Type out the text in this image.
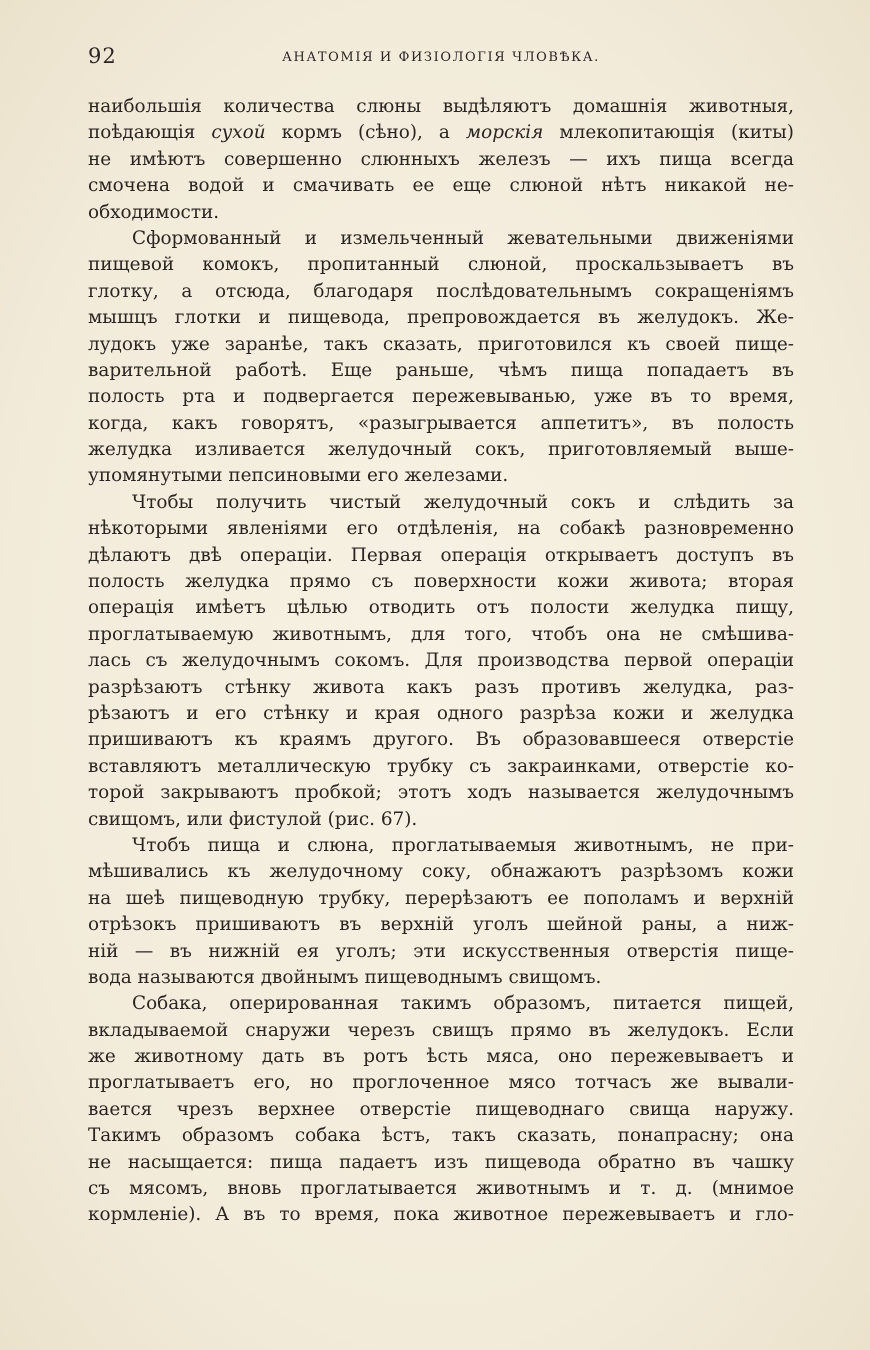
92	АНАТОМІЯ И ФИЗІОЛОГІЯ ЧЛОВѢКА.
наибольшія количества слюны выдѣляютъ домашнія животныя,
поѣдающія сухой кормъ (сѣно), а морскія млекопитающія (киты)
не имѣютъ совершенно слюнныхъ железъ — ихъ пища всегда
смочена водой и смачивать ее еще слюной нѣтъ никакой не-
обходимости.
Сформованный и измельченный жевательными движеніями
пищевой комокъ, пропитанный слюной, проскальзываетъ въ
глотку, а отсюда, благодаря послѣдовательнымъ сокращеніямъ
мышцъ глотки и пищевода, препровождается въ желудокъ. Же-
лудокъ уже заранѣе, такъ сказать, приготовился къ своей пище-
варительной работѣ. Еще раньше, чѣмъ пища попадаетъ въ
полость рта и подвергается пережевыванью, уже въ то время,
когда, какъ говорятъ, «разыгрывается аппетитъ», въ полость
желудка изливается желудочный сокъ, приготовляемый выше-
упомянутыми пепсиновыми его железами.
Чтобы получить чистый желудочный сокъ и слѣдить за
нѣкоторыми явленіями его отдѣленія, на собакѣ разновременно
дѣлаютъ двѣ операціи. Первая операція открываетъ доступъ въ
полость желудка прямо съ поверхности кожи живота; вторая
операція имѣетъ цѣлью отводить отъ полости желудка пищу,
проглатываемую животнымъ, для того, чтобъ она не смѣшива-
лась съ желудочнымъ сокомъ. Для производства первой операціи
разрѣзаютъ стѣнку живота какъ разъ противъ желудка, раз-
рѣзаютъ и его стѣнку и края одного разрѣза кожи и желудка
пришиваютъ къ краямъ другого. Въ образовавшееся отверстіе
вставляютъ металлическую трубку съ закраинками, отверстіе ко-
торой закрываютъ пробкой; этотъ ходъ называется желудочнымъ
свищомъ, или фистулой (рис. 67).
Чтобъ пища и слюна, проглатываемыя животнымъ, не при-
мѣшивались къ желудочному соку, обнажаютъ разрѣзомъ кожи
на шеѣ пищеводную трубку, перерѣзаютъ ее пополамъ и верхній
отрѣзокъ пришиваютъ въ верхній уголъ шейной раны, а ниж-
ній — въ нижній ея уголъ; эти искусственныя отверстія пище-
вода называются двойнымъ пищеводнымъ свищомъ.
Собака, оперированная такимъ образомъ, питается пищей,
вкладываемой снаружи черезъ свищъ прямо въ желудокъ. Если
же животному дать въ ротъ ѣсть мяса, оно пережевываетъ и
проглатываетъ его, но проглоченное мясо тотчасъ же вывали-
вается чрезъ верхнее отверстіе пищеводнаго свища наружу.
Такимъ образомъ собака ѣстъ, такъ сказать, понапрасну; она
не насыщается: пища падаетъ изъ пищевода обратно въ чашку
съ мясомъ, вновь проглатывается животнымъ и т. д. (мнимое
кормленіе). А въ то время, пока животное пережевываетъ и гло-
